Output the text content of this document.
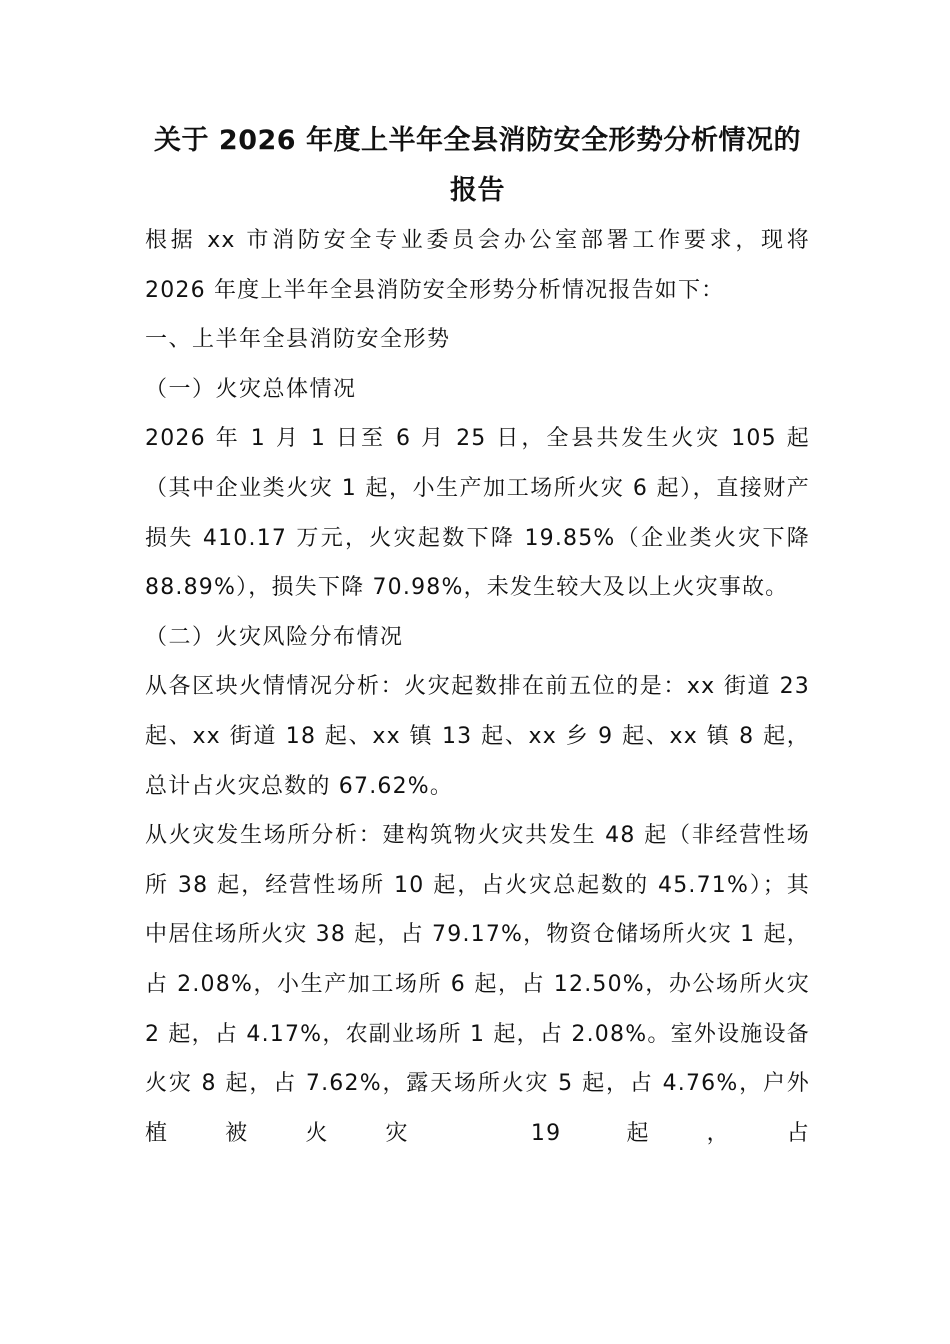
关于 2026 年度上半年全县消防安全形势分析情况的
报告

根据 xx 市消防安全专业委员会办公室部署工作要求，现将 2026 年度上半年全县消防安全形势分析情况报告如下：

一、上半年全县消防安全形势

（一）火灾总体情况

2026 年 1 月 1 日至 6 月 25 日，全县共发生火灾 105 起（其中企业类火灾 1 起，小生产加工场所火灾 6 起），直接财产损失 410.17 万元，火灾起数下降 19.85%（企业类火灾下降 88.89%），损失下降 70.98%，未发生较大及以上火灾事故。

（二）火灾风险分布情况

从各区块火情情况分析：火灾起数排在前五位的是：xx 街道 23 起、xx 街道 18 起、xx 镇 13 起、xx 乡 9 起、xx 镇 8 起，总计占火灾总数的 67.62%。

从火灾发生场所分析：建构筑物火灾共发生 48 起（非经营性场所 38 起，经营性场所 10 起，占火灾总起数的 45.71%）；其中居住场所火灾 38 起，占 79.17%，物资仓储场所火灾 1 起，占 2.08%，小生产加工场所 6 起，占 12.50%，办公场所火灾 2 起，占 4.17%，农副业场所 1 起，占 2.08%。室外设施设备火灾 8 起，占 7.62%，露天场所火灾 5 起，占 4.76%，户外植被火灾 19 起，占
